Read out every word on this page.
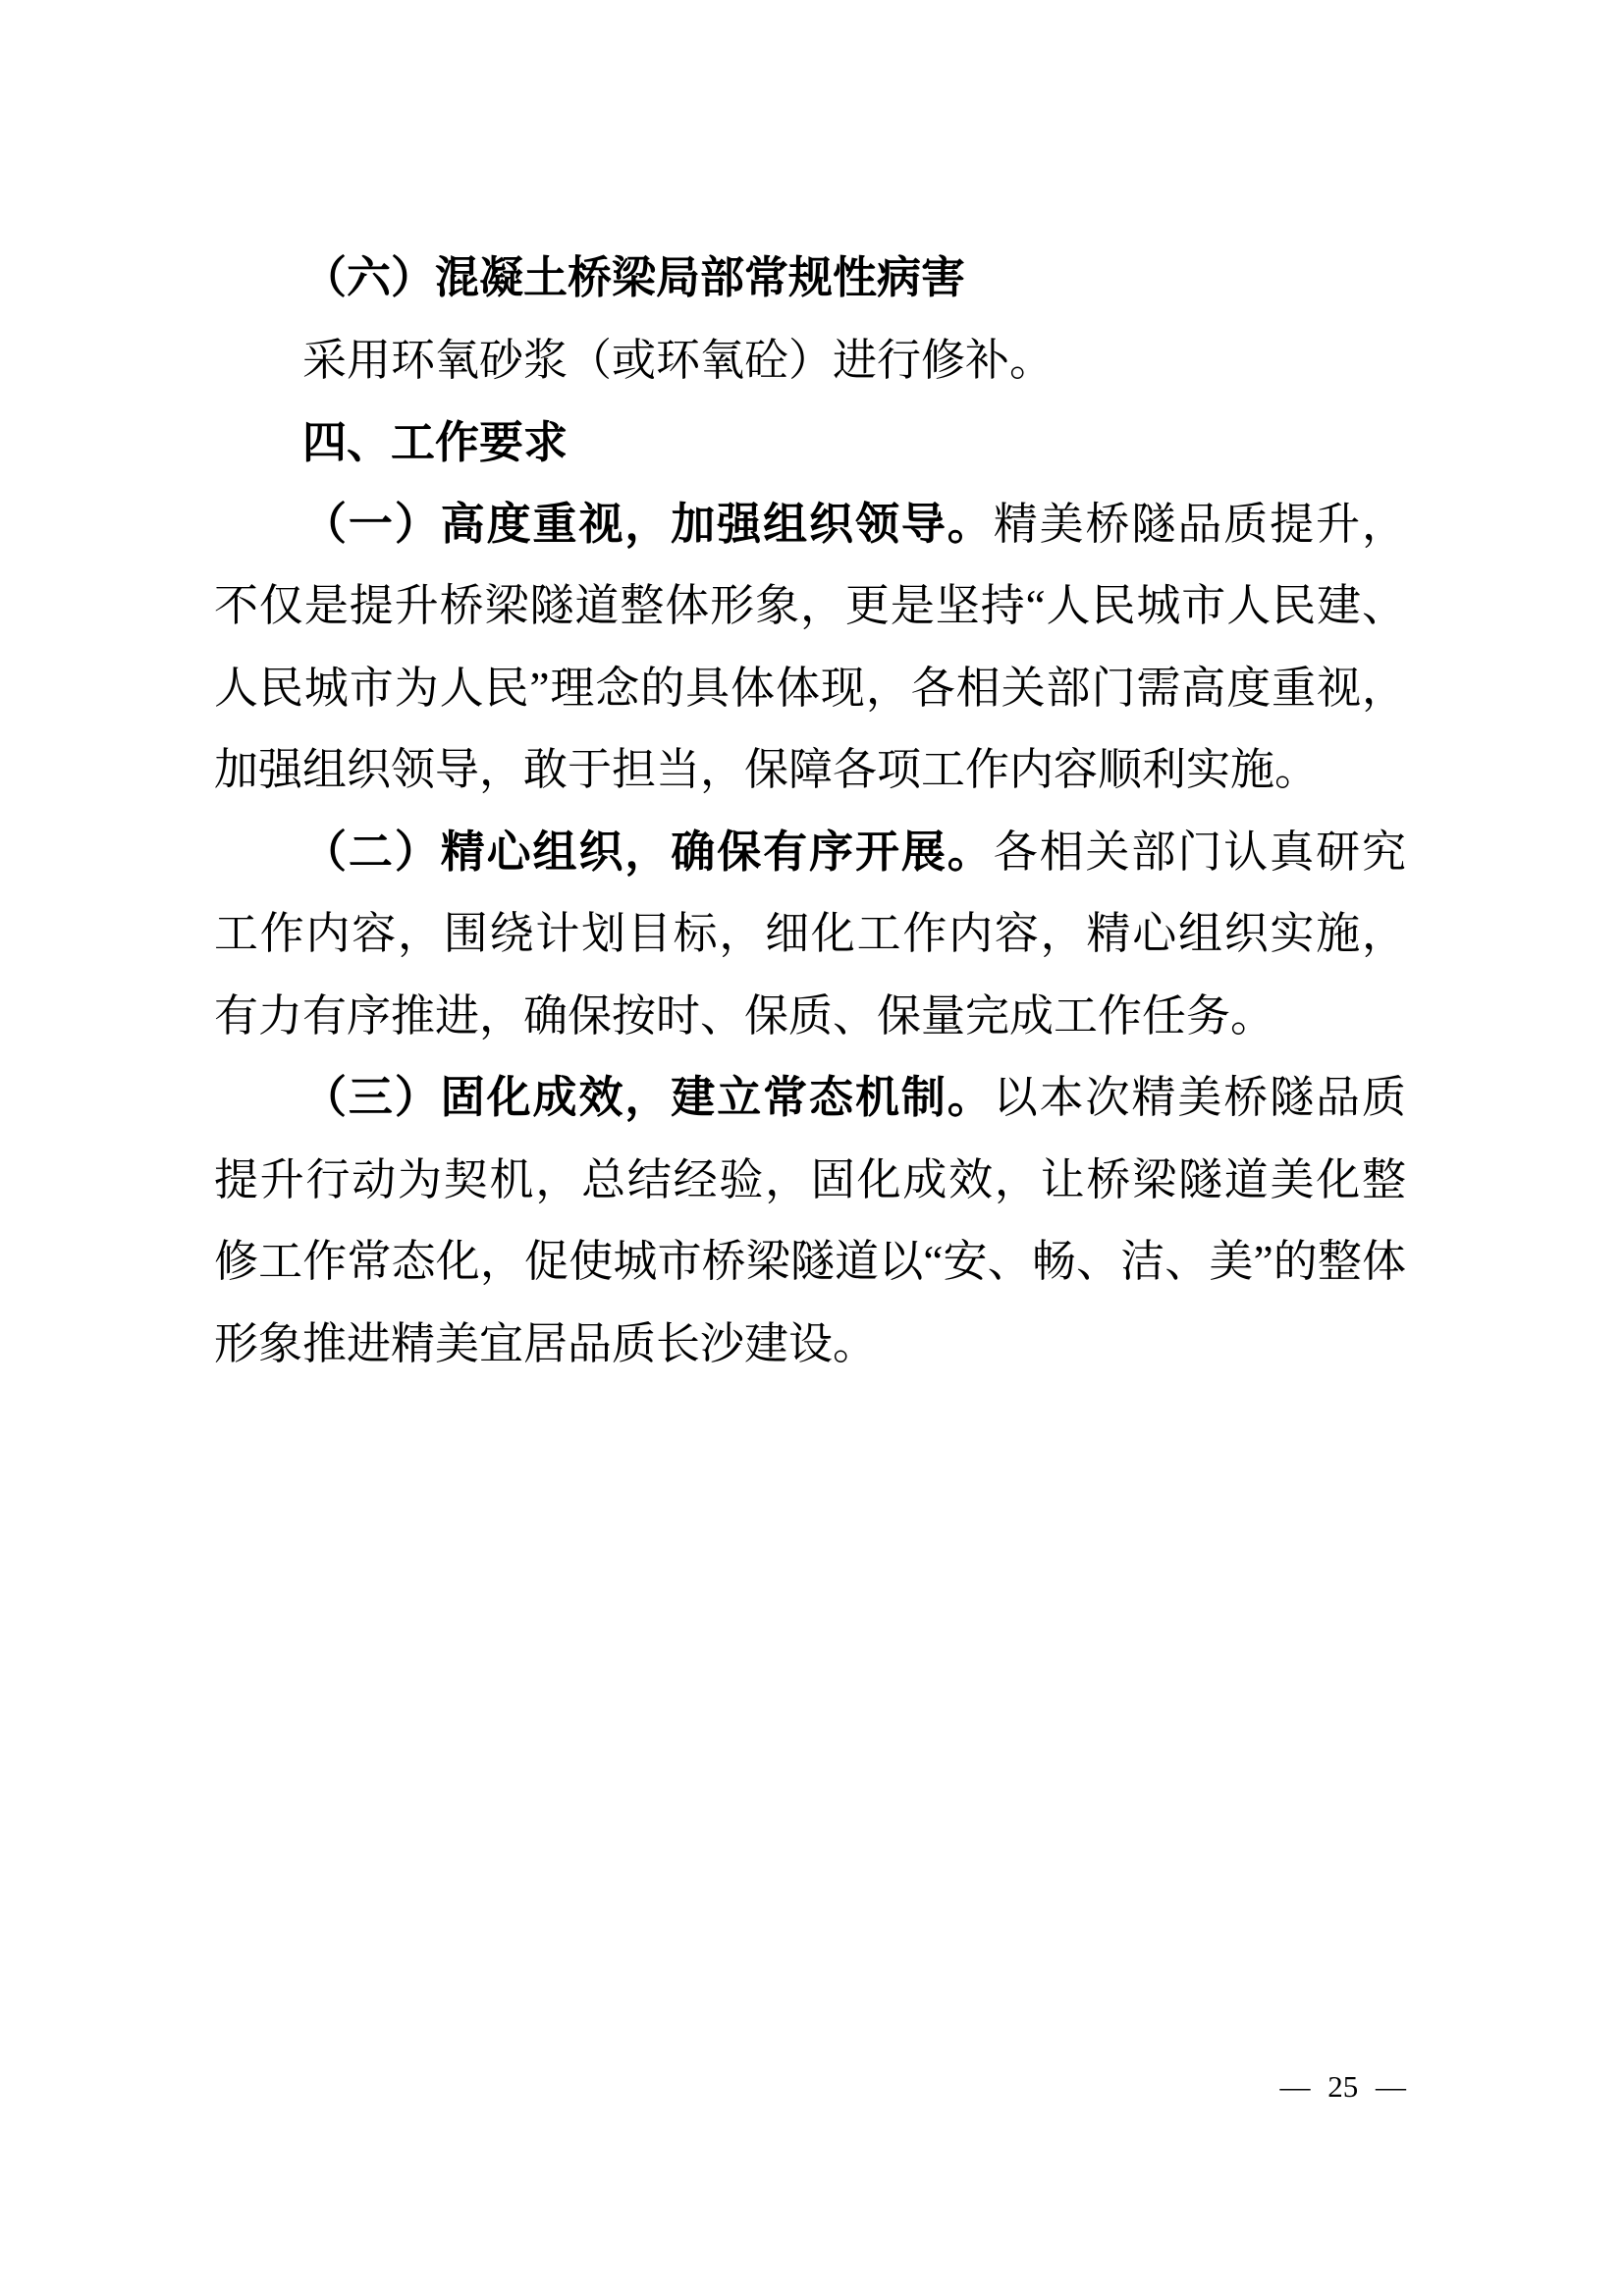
（六）混凝土桥梁局部常规性病害

采用环氧砂浆（或环氧砼）进行修补。

四、工作要求

（一）高度重视，加强组织领导。精美桥隧品质提升，不仅是提升桥梁隧道整体形象，更是坚持“人民城市人民建、人民城市为人民”理念的具体体现，各相关部门需高度重视，加强组织领导，敢于担当，保障各项工作内容顺利实施。

（二）精心组织，确保有序开展。各相关部门认真研究工作内容，围绕计划目标，细化工作内容，精心组织实施，有力有序推进，确保按时、保质、保量完成工作任务。

（三）固化成效，建立常态机制。以本次精美桥隧品质提升行动为契机，总结经验，固化成效，让桥梁隧道美化整修工作常态化，促使城市桥梁隧道以“安、畅、洁、美”的整体形象推进精美宜居品质长沙建设。

— 25 —
